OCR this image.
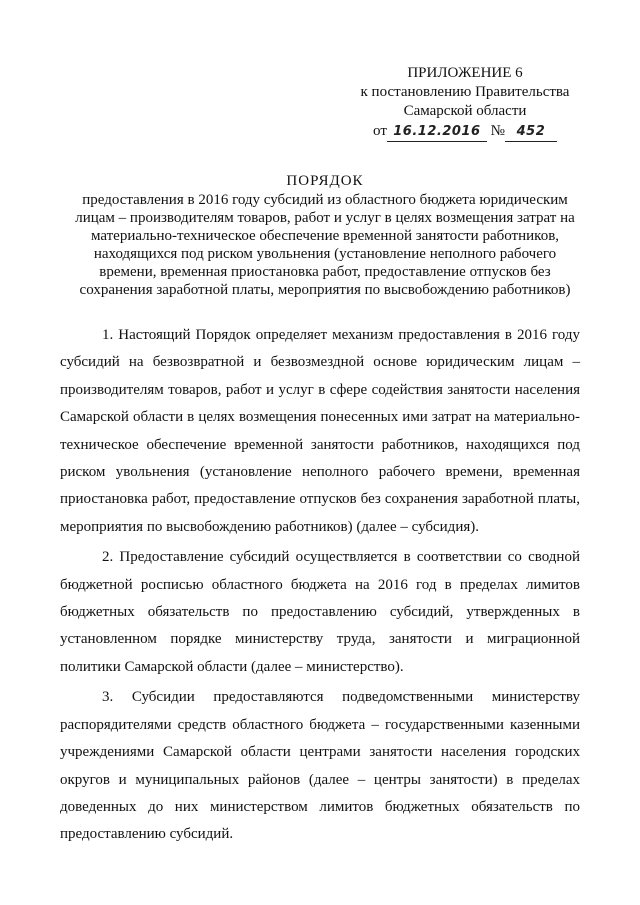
ПРИЛОЖЕНИЕ 6
к постановлению Правительства
Самарской области
от 16.12.2016 № 452
ПОРЯДОК
предоставления в 2016 году субсидий из областного бюджета юридическим
лицам – производителям товаров, работ и услуг в целях возмещения затрат на
материально-техническое обеспечение временной занятости работников,
находящихся под риском увольнения (установление неполного рабочего
времени, временная приостановка работ, предоставление отпусков без
сохранения заработной платы, мероприятия по высвобождению работников)

1. Настоящий Порядок определяет механизм предоставления в 2016 году субсидий на безвозвратной и безвозмездной основе юридическим лицам – производителям товаров, работ и услуг в сфере содействия занятости населения Самарской области в целях возмещения понесенных ими затрат на материально-техническое обеспечение временной занятости работников, находящихся под риском увольнения (установление неполного рабочего времени, временная приостановка работ, предоставление отпусков без сохранения заработной платы, мероприятия по высвобождению работников) (далее – субсидия).

2. Предоставление субсидий осуществляется в соответствии со сводной бюджетной росписью областного бюджета на 2016 год в пределах лимитов бюджетных обязательств по предоставлению субсидий, утвержденных в установленном порядке министерству труда, занятости и миграционной политики Самарской области (далее – министерство).

3. Субсидии предоставляются подведомственными министерству распорядителями средств областного бюджета – государственными казенными учреждениями Самарской области центрами занятости населения городских округов и муниципальных районов (далее – центры занятости) в пределах доведенных до них министерством лимитов бюджетных обязательств по предоставлению субсидий.
